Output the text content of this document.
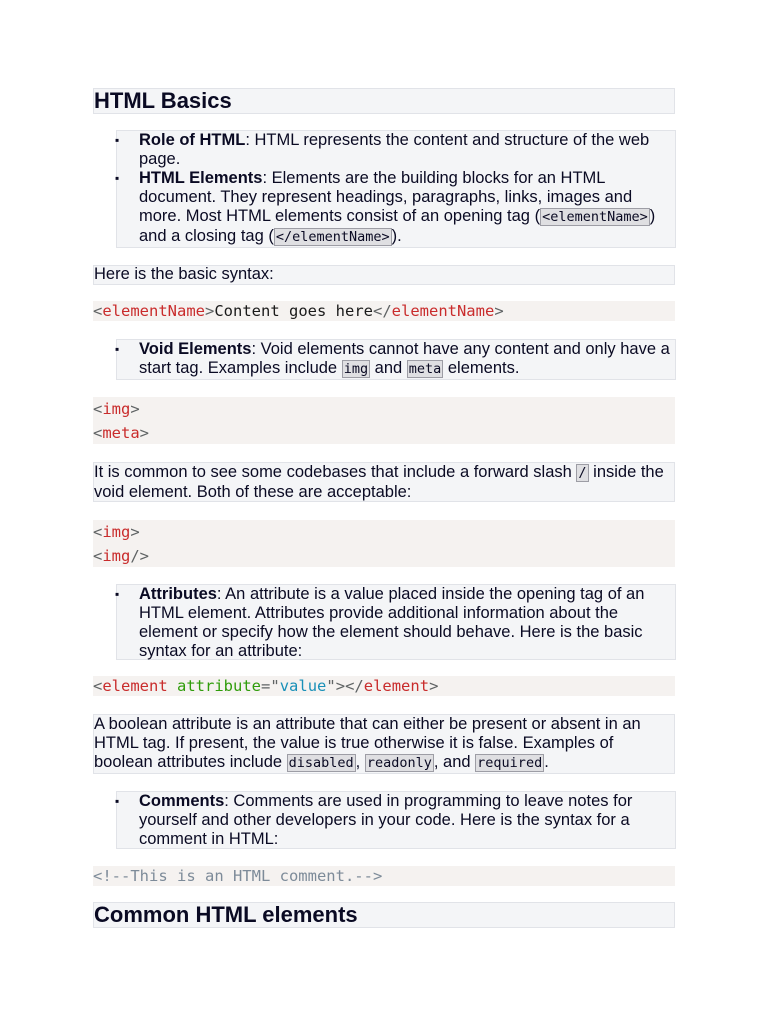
HTML Basics
▪ Role of HTML: HTML represents the content and structure of the web page.
▪ HTML Elements: Elements are the building blocks for an HTML document. They represent headings, paragraphs, links, images and more. Most HTML elements consist of an opening tag ( <elementName> ) and a closing tag ( </elementName> ).
Here is the basic syntax:
<elementName>Content goes here</elementName>
▪ Void Elements: Void elements cannot have any content and only have a start tag. Examples include img and meta elements.
<img>
<meta>
It is common to see some codebases that include a forward slash / inside the void element. Both of these are acceptable:
<img>
<img/>
▪ Attributes: An attribute is a value placed inside the opening tag of an HTML element. Attributes provide additional information about the element or specify how the element should behave. Here is the basic syntax for an attribute:
<element attribute="value"></element>
A boolean attribute is an attribute that can either be present or absent in an HTML tag. If present, the value is true otherwise it is false. Examples of boolean attributes include disabled , readonly , and required .
▪ Comments: Comments are used in programming to leave notes for yourself and other developers in your code. Here is the syntax for a comment in HTML:
<!--This is an HTML comment.-->
Common HTML elements
